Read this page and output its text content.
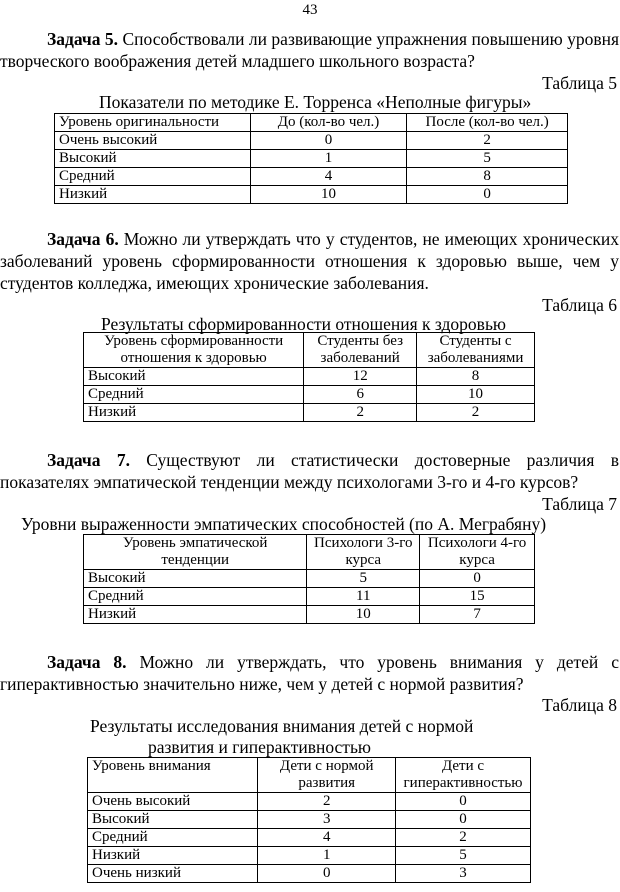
43

Задача 5. Способствовали ли развивающие упражнения повышению уровня творческого воображения детей младшего школьного возраста?

Таблица 5
Показатели по методике Е. Торренса «Неполные фигуры»
Уровень оригинальности	До (кол-во чел.)	После (кол-во чел.)
Очень высокий	0	2
Высокий	1	5
Средний	4	8
Низкий	10	0

Задача 6. Можно ли утверждать что у студентов, не имеющих хронических заболеваний уровень сформированности отношения к здоровью выше, чем у студентов колледжа, имеющих хронические заболевания.

Таблица 6
Результаты сформированности отношения к здоровью
Уровень сформированности отношения к здоровью	Студенты без заболеваний	Студенты с заболеваниями
Высокий	12	8
Средний	6	10
Низкий	2	2

Задача 7. Существуют ли статистически достоверные различия в показателях эмпатической тенденции между психологами 3-го и 4-го курсов?

Таблица 7
Уровни выраженности эмпатических способностей (по А. Меграбяну)
Уровень эмпатической тенденции	Психологи 3-го курса	Психологи 4-го курса
Высокий	5	0
Средний	11	15
Низкий	10	7

Задача 8. Можно ли утверждать, что уровень внимания у детей с гиперактивностью значительно ниже, чем у детей с нормой развития?

Таблица 8
Результаты исследования внимания детей с нормой
развития и гиперактивностью
Уровень внимания	Дети с нормой развития	Дети с гиперактивностью
Очень высокий	2	0
Высокий	3	0
Средний	4	2
Низкий	1	5
Очень низкий	0	3
